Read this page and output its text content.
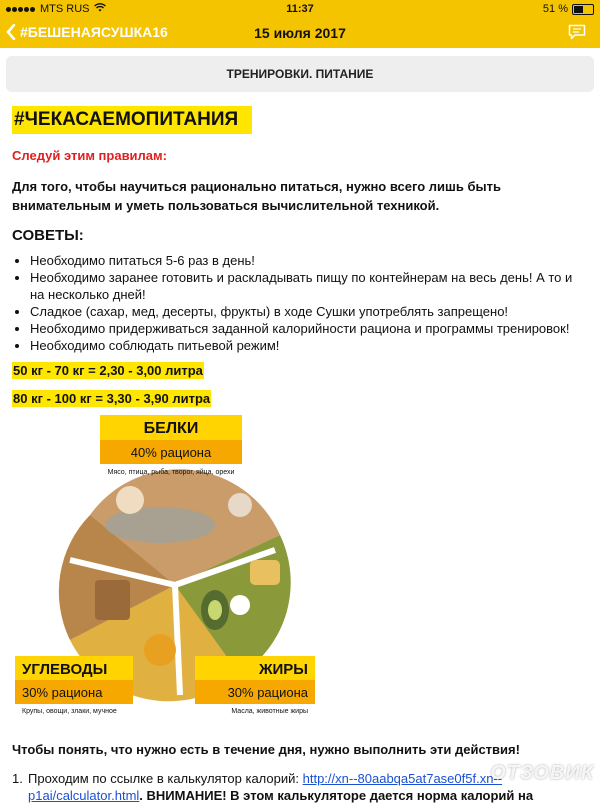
MTS RUS	11:37	51 %
#БЕШЕНАЯСУШКА16	15 июля 2017
ТРЕНИРОВКИ. ПИТАНИЕ
#ЧЕКАСАЕМОПИТАНИЯ
Следуй этим правилам:
Для того, чтобы научиться рационально питаться, нужно всего лишь быть внимательным и уметь пользоваться вычислительной техникой.
СОВЕТЫ:
• Необходимо питаться 5-6 раз в день!
• Необходимо заранее готовить и раскладывать пищу по контейнерам на весь день! А то и на несколько дней!
• Сладкое (сахар, мед, десерты, фрукты) в ходе Сушки употреблять запрещено!
• Необходимо придерживаться заданной калорийности рациона и программы тренировок!
• Необходимо соблюдать питьевой режим!
50 кг - 70 кг = 2,30 - 3,00 литра
80 кг - 100 кг = 3,30 - 3,90 литра
БЕЛКИ
40% рациона
Мясо, птица, рыба, творог, яйца, орехи
УГЛЕВОДЫ
30% рациона
Крупы, овощи, злаки, мучное
ЖИРЫ
30% рациона
Масла, животные жиры
Чтобы понять, что нужно есть в течение дня, нужно выполнить эти действия!
1. Проходим по ссылке в калькулятор калорий: http://xn--80aabqa5at7ase0f5f.xn--p1ai/calculator.html. ВНИМАНИЕ! В этом калькуляторе дается норма калорий на
ОТЗОВИК
